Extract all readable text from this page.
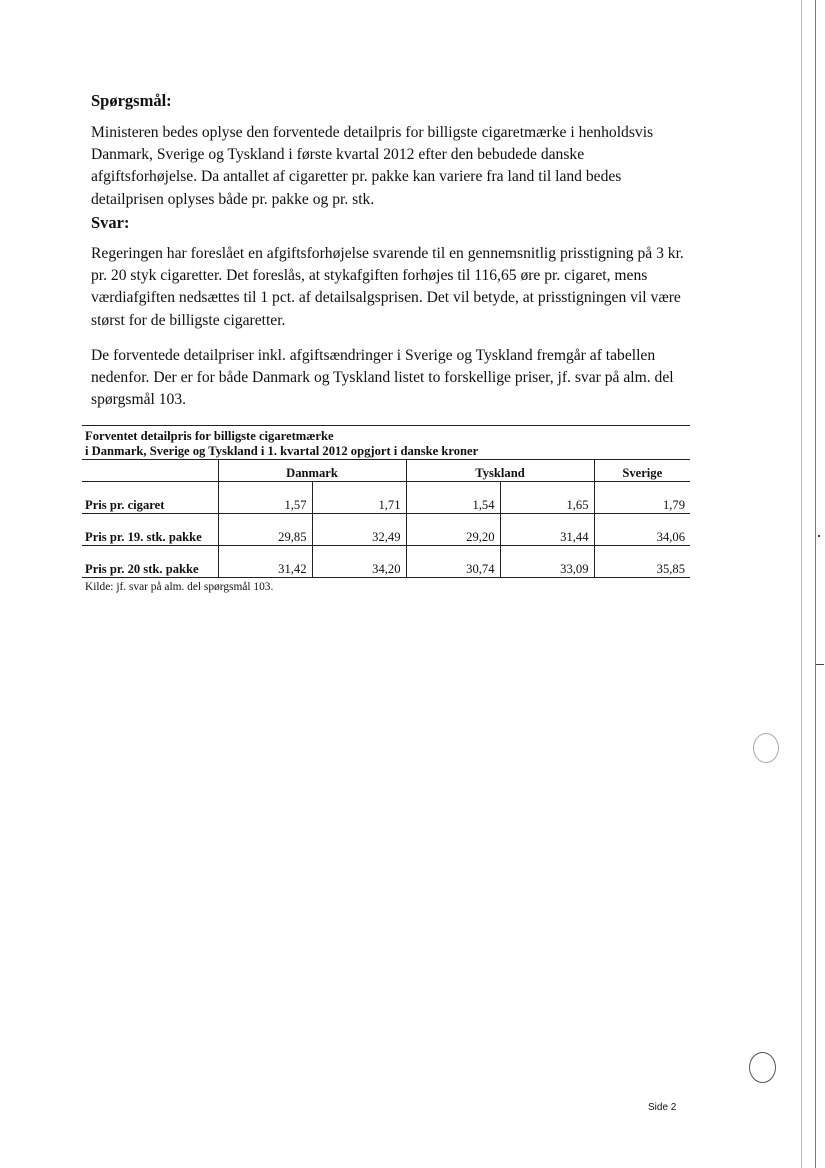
Spørgsmål:

Ministeren bedes oplyse den forventede detailpris for billigste cigaretmærke i henholdsvis Danmark, Sverige og Tyskland i første kvartal 2012 efter den bebudede danske afgiftsforhøjelse. Da antallet af cigaretter pr. pakke kan variere fra land til land bedes detailprisen oplyses både pr. pakke og pr. stk.

Svar:

Regeringen har foreslået en afgiftsforhøjelse svarende til en gennemsnitlig prisstigning på 3 kr. pr. 20 styk cigaretter. Det foreslås, at stykafgiften forhøjes til 116,65 øre pr. cigaret, mens værdiafgiften nedsættes til 1 pct. af detailsalgsprisen. Det vil betyde, at prisstigningen vil være størst for de billigste cigaretter.

De forventede detailpriser inkl. afgiftsændringer i Sverige og Tyskland fremgår af tabellen nedenfor. Der er for både Danmark og Tyskland listet to forskellige priser, jf. svar på alm. del spørgsmål 103.

Forventet detailpris for billigste cigaretmærke
i Danmark, Sverige og Tyskland i 1. kvartal 2012 opgjort i danske kroner
	Danmark		Tyskland		Sverige
Pris pr. cigaret	1,57	1,71	1,54	1,65	1,79
Pris pr. 19. stk. pakke	29,85	32,49	29,20	31,44	34,06
Pris pr. 20 stk. pakke	31,42	34,20	30,74	33,09	35,85
Kilde: jf. svar på alm. del spørgsmål 103.
Side 2
